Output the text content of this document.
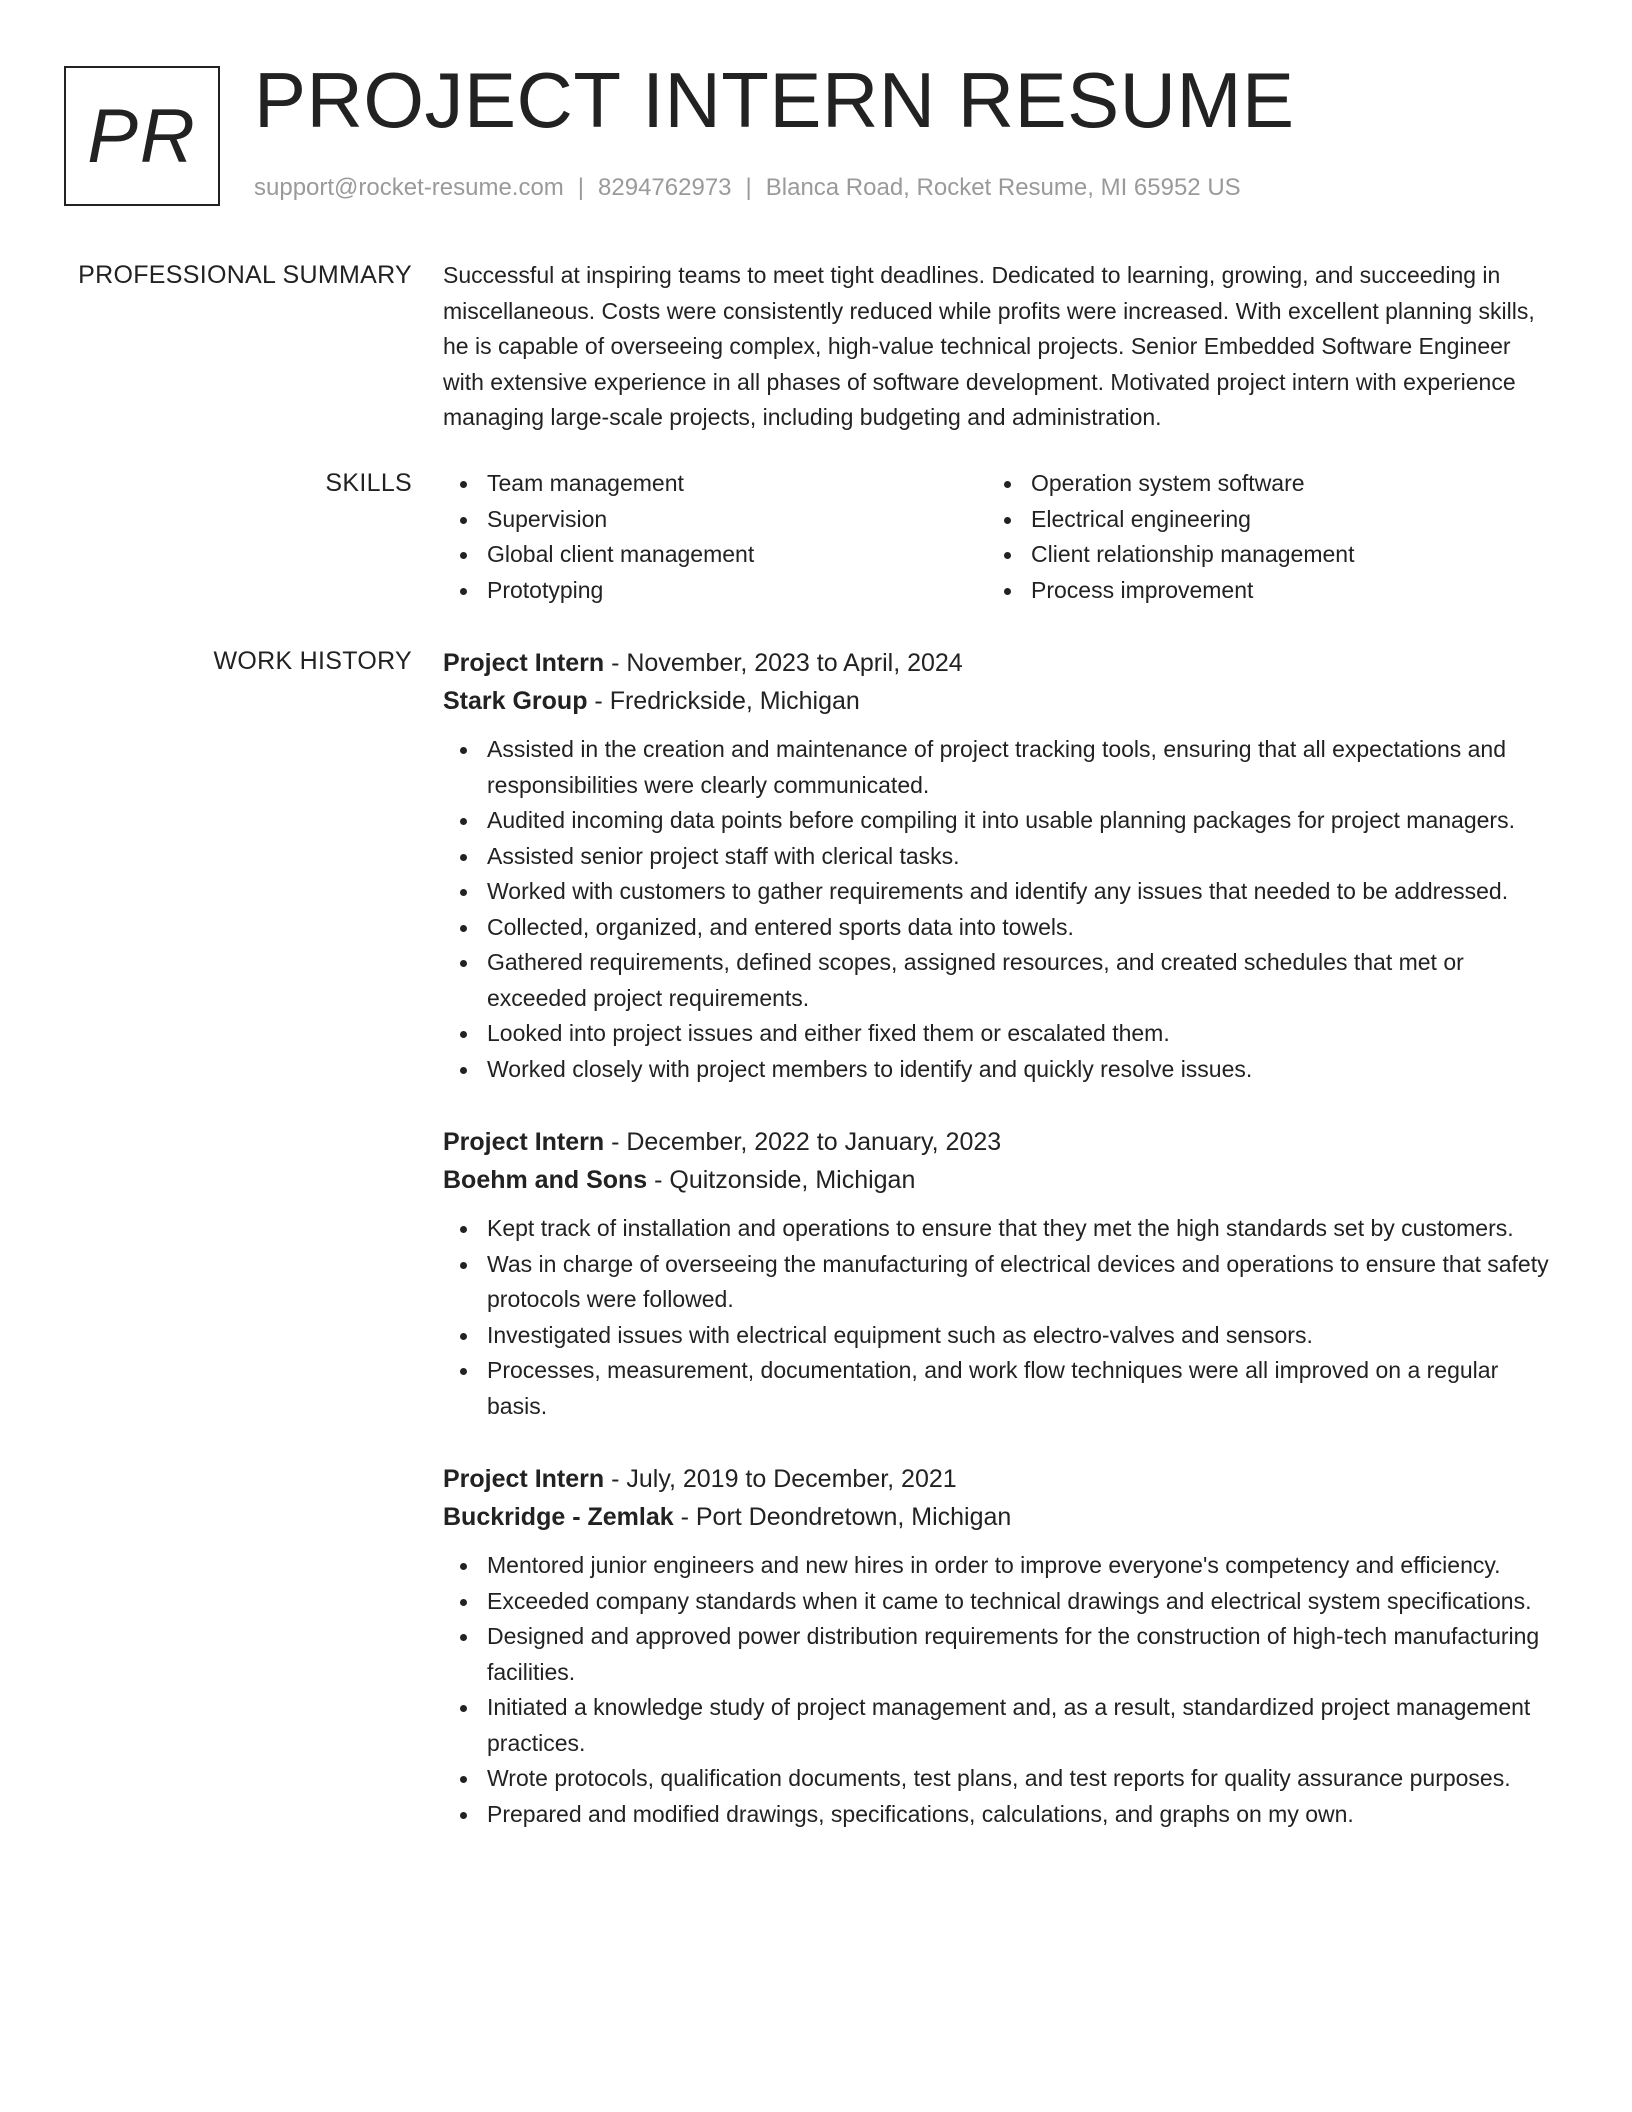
PR PROJECT INTERN RESUME
support@rocket-resume.com | 8294762973 | Blanca Road, Rocket Resume, MI 65952 US
PROFESSIONAL SUMMARY Successful at inspiring teams to meet tight deadlines. Dedicated to learning, growing, and succeeding in miscellaneous. Costs were consistently reduced while profits were increased. With excellent planning skills, he is capable of overseeing complex, high-value technical projects. Senior Embedded Software Engineer with extensive experience in all phases of software development. Motivated project intern with experience managing large-scale projects, including budgeting and administration.

SKILLS	Team management
Supervision
Global client management
Prototyping
Operation system software
Electrical engineering
Client relationship management
Process improvement
WORK HISTORY Project Intern - November, 2023 to April, 2024
Stark Group - Fredrickside, Michigan
Assisted in the creation and maintenance of project tracking tools, ensuring that all expectations and responsibilities were clearly communicated.
Audited incoming data points before compiling it into usable planning packages for project managers.
Assisted senior project staff with clerical tasks.
Worked with customers to gather requirements and identify any issues that needed to be addressed.
Collected, organized, and entered sports data into towels.
Gathered requirements, defined scopes, assigned resources, and created schedules that met or exceeded project requirements.
Looked into project issues and either fixed them or escalated them.
Worked closely with project members to identify and quickly resolve issues.
Project Intern - December, 2022 to January, 2023
Boehm and Sons - Quitzonside, Michigan
Kept track of installation and operations to ensure that they met the high standards set by customers.
Was in charge of overseeing the manufacturing of electrical devices and operations to ensure that safety protocols were followed.
Investigated issues with electrical equipment such as electro-valves and sensors.
Processes, measurement, documentation, and work flow techniques were all improved on a regular basis.
Project Intern - July, 2019 to December, 2021
Buckridge - Zemlak - Port Deondretown, Michigan
Mentored junior engineers and new hires in order to improve everyone's competency and efficiency.
Exceeded company standards when it came to technical drawings and electrical system specifications.
Designed and approved power distribution requirements for the construction of high-tech manufacturing facilities.
Initiated a knowledge study of project management and, as a result, standardized project management practices.
Wrote protocols, qualification documents, test plans, and test reports for quality assurance purposes.
Prepared and modified drawings, specifications, calculations, and graphs on my own.
